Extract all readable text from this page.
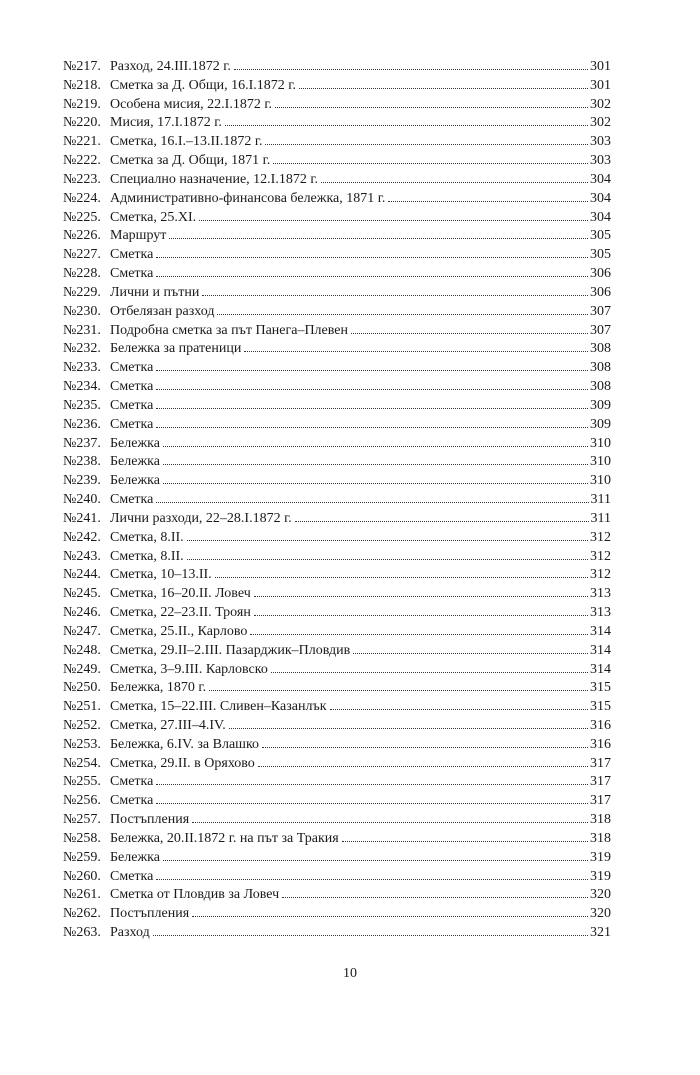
№217. Разход, 24.III.1872 г.	301
№218. Сметка за Д. Общи, 16.I.1872 г.	301
№219. Особена мисия, 22.I.1872 г.	302
№220. Мисия, 17.I.1872 г.	302
№221. Сметка, 16.I.–13.II.1872 г.	303
№222. Сметка за Д. Общи, 1871 г.	303
№223. Специално назначение, 12.I.1872 г.	304
№224. Административно-финансова бележка, 1871 г.	304
№225. Сметка, 25.XI.	304
№226. Маршрут	305
№227. Сметка	305
№228. Сметка	306
№229. Лични и пътни	306
№230. Отбелязан разход	307
№231. Подробна сметка за път Панега–Плевен	307
№232. Бележка за пратеници	308
№233. Сметка	308
№234. Сметка	308
№235. Сметка	309
№236. Сметка	309
№237. Бележка	310
№238. Бележка	310
№239. Бележка	310
№240. Сметка	311
№241. Лични разходи, 22–28.I.1872 г.	311
№242. Сметка, 8.II.	312
№243. Сметка, 8.II.	312
№244. Сметка, 10–13.II.	312
№245. Сметка, 16–20.II. Ловеч	313
№246. Сметка, 22–23.II. Троян	313
№247. Сметка, 25.II., Карлово	314
№248. Сметка, 29.II–2.III. Пазарджик–Пловдив	314
№249. Сметка, 3–9.III. Карловско	314
№250. Бележка, 1870 г.	315
№251. Сметка, 15–22.III. Сливен–Казанлък	315
№252. Сметка, 27.III–4.IV.	316
№253. Бележка, 6.IV. за Влашко	316
№254. Сметка, 29.II. в Оряхово	317
№255. Сметка	317
№256. Сметка	317
№257. Постъпления	318
№258. Бележка, 20.II.1872 г. на път за Тракия	318
№259. Бележка	319
№260. Сметка	319
№261. Сметка от Пловдив за Ловеч	320
№262. Постъпления	320
№263. Разход	321
10
